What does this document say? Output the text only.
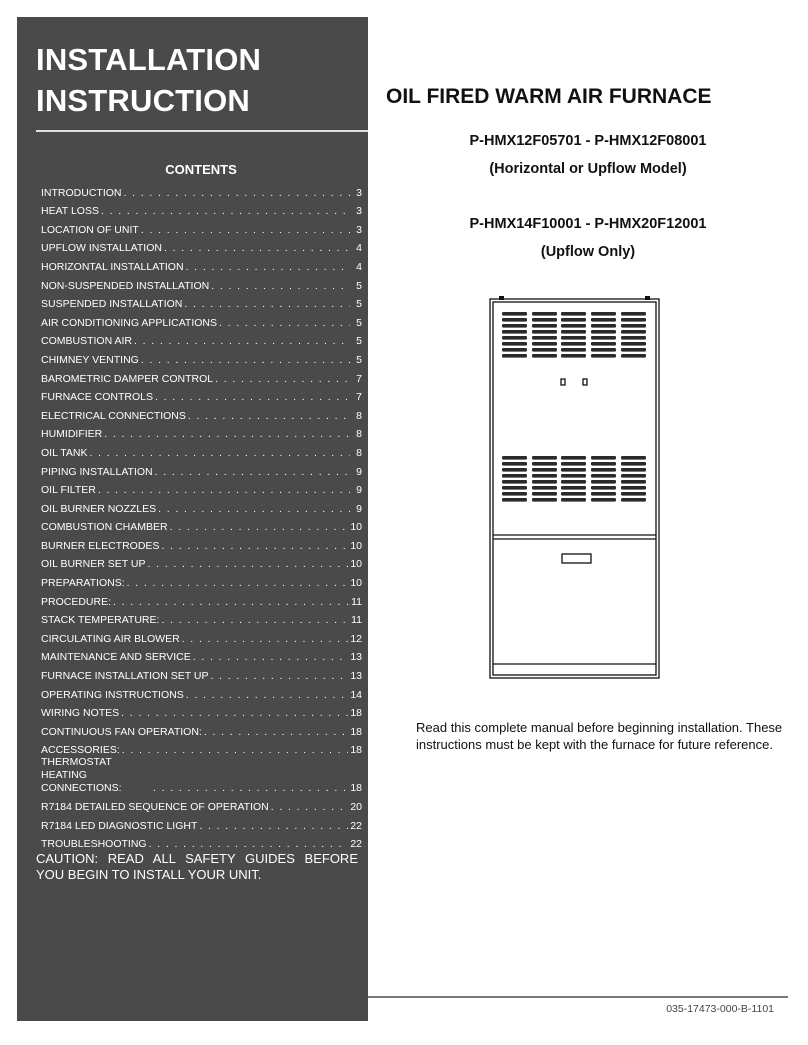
INSTALLATION
INSTRUCTION
CONTENTS
INTRODUCTION . . .	3
HEAT LOSS . . .	3
LOCATION OF UNIT . . .	3
UPFLOW INSTALLATION . . .	4
HORIZONTAL INSTALLATION . . .	4
NON-SUSPENDED INSTALLATION . . .	5
SUSPENDED INSTALLATION . . .	5
AIR CONDITIONING APPLICATIONS . . .	5
COMBUSTION AIR . . .	5
CHIMNEY VENTING . . .	5
BAROMETRIC DAMPER CONTROL . . .	7
FURNACE CONTROLS . . .	7
ELECTRICAL CONNECTIONS . . .	8
HUMIDIFIER . . .	8
OIL TANK . . .	8
PIPING INSTALLATION . . .	9
OIL FILTER . . .	9
OIL BURNER NOZZLES . . .	9
COMBUSTION CHAMBER . . .	10
BURNER ELECTRODES . . .	10
OIL BURNER SET UP . . .	10
PREPARATIONS: . . .	10
PROCEDURE: . . .	11
STACK TEMPERATURE: . . .	11
CIRCULATING AIR BLOWER . . .	12
MAINTENANCE AND SERVICE . . .	13
FURNACE INSTALLATION SET UP . . .	13
OPERATING INSTRUCTIONS . . .	14
WIRING NOTES . . .	18
CONTINUOUS FAN OPERATION: . . .	18
ACCESSORIES: . . .	18
THERMOSTAT HEATING CONNECTIONS: . . .	18
R7184 DETAILED SEQUENCE OF OPERATION . . .	20
R7184 LED DIAGNOSTIC LIGHT . . .	22
TROUBLESHOOTING . . .	22

CAUTION: READ ALL SAFETY GUIDES BEFORE YOU BEGIN TO INSTALL YOUR UNIT.

OIL FIRED WARM AIR FURNACE

P-HMX12F05701 - P-HMX12F08001

(Horizontal or Upflow Model)

P-HMX14F10001 - P-HMX20F12001

(Upflow Only)

Read this complete manual before beginning installation. These instructions must be kept with the furnace for future reference.

035-17473-000-B-1101
